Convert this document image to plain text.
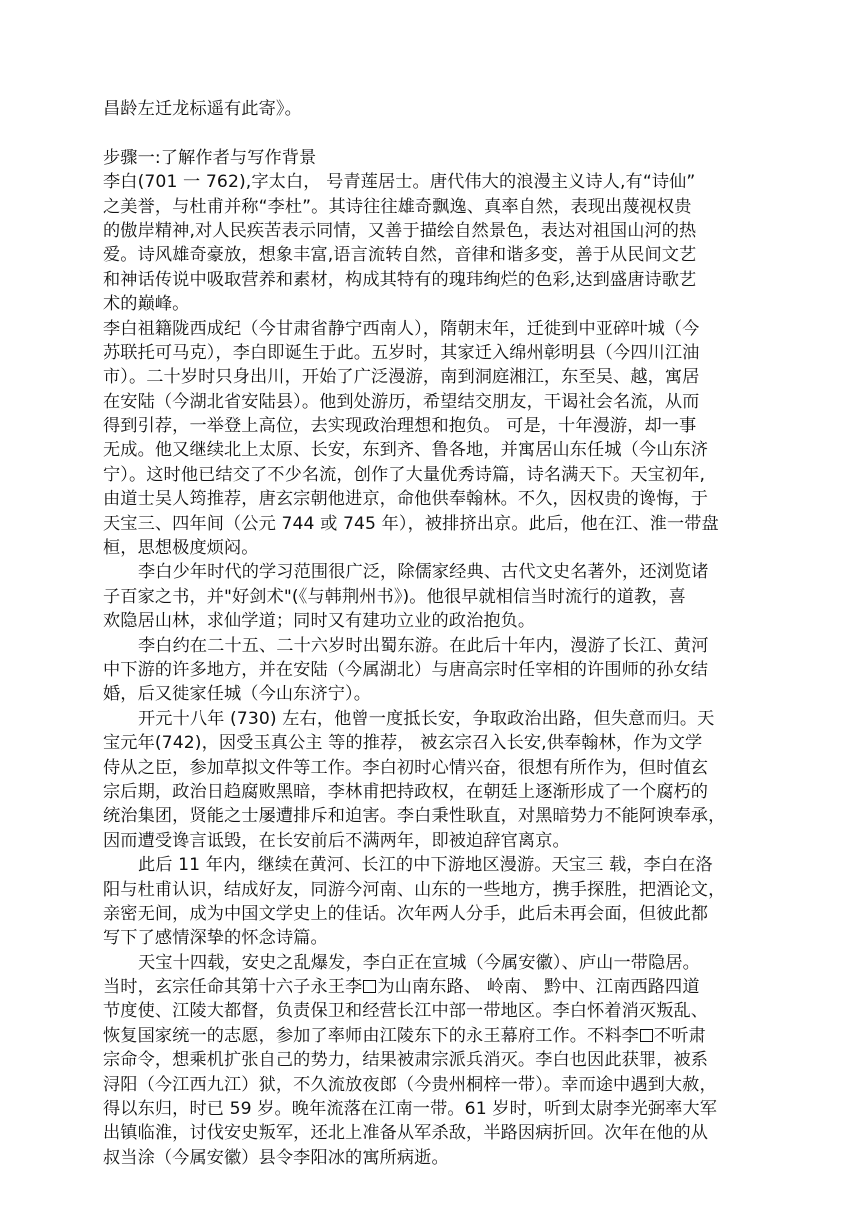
昌龄左迁龙标遥有此寄》。
步骤一:了解作者与写作背景
李白(701 一 762),字太白， 号青莲居士。唐代伟大的浪漫主义诗人,有“诗仙”
之美誉，与杜甫并称“李杜”。其诗往往雄奇飘逸、真率自然，表现出蔑视权贵
的傲岸精神,对人民疾苦表示同情，又善于描绘自然景色，表达对祖国山河的热
爱。诗风雄奇豪放，想象丰富,语言流转自然，音律和谐多变，善于从民间文艺
和神话传说中吸取营养和素材，构成其特有的瑰玮绚烂的色彩,达到盛唐诗歌艺
术的巅峰。
李白祖籍陇西成纪（今甘肃省静宁西南人），隋朝末年，迁徙到中亚碎叶城（今
苏联托可马克），李白即诞生于此。五岁时，其家迁入绵州彰明县（今四川江油
市）。二十岁时只身出川，开始了广泛漫游，南到洞庭湘江，东至吴、越，寓居
在安陆（今湖北省安陆县）。他到处游历，希望结交朋友，干谒社会名流，从而
得到引荐，一举登上高位，去实现政治理想和抱负。 可是，十年漫游，却一事
无成。他又继续北上太原、长安，东到齐、鲁各地，并寓居山东任城（今山东济
宁）。这时他已结交了不少名流，创作了大量优秀诗篇，诗名满天下。天宝初年,
由道士吴人筠推荐，唐玄宗朝他进京，命他供奉翰林。不久，因权贵的谗悔，于
天宝三、四年间（公元 744 或 745 年），被排挤出京。此后，他在江、淮一带盘
桓，思想极度烦闷。
李白少年时代的学习范围很广泛，除儒家经典、古代文史名著外，还浏览诸
子百家之书，并"好剑术"(《与韩荆州书》)。他很早就相信当时流行的道教，喜
欢隐居山林，求仙学道；同时又有建功立业的政治抱负。
李白约在二十五、二十六岁时出蜀东游。在此后十年内，漫游了长江、黄河
中下游的许多地方，并在安陆（今属湖北）与唐高宗时任宰相的许围师的孙女结
婚，后又徙家任城（今山东济宁）。
开元十八年 (730) 左右，他曾一度抵长安，争取政治出路，但失意而归。天
宝元年(742)，因受玉真公主 等的推荐， 被玄宗召入长安,供奉翰林，作为文学
侍从之臣，参加草拟文件等工作。李白初时心情兴奋，很想有所作为，但时值玄
宗后期，政治日趋腐败黑暗，李林甫把持政权，在朝廷上逐渐形成了一个腐朽的
统治集团，贤能之士屡遭排斥和迫害。李白秉性耿直，对黑暗势力不能阿谀奉承，
因而遭受谗言诋毁，在长安前后不满两年，即被迫辞官离京。
此后 11 年内，继续在黄河、长江的中下游地区漫游。天宝三 载，李白在洛
阳与杜甫认识，结成好友，同游今河南、山东的一些地方，携手探胜，把酒论文，
亲密无间，成为中国文学史上的佳话。次年两人分手，此后未再会面，但彼此都
写下了感情深挚的怀念诗篇。
天宝十四载，安史之乱爆发，李白正在宣城（今属安徽）、庐山一带隐居。
当时，玄宗任命其第十六子永王李 为山南东路、 岭南、 黔中、江南西路四道
节度使、江陵大都督，负责保卫和经营长江中部一带地区。李白怀着消灭叛乱、
恢复国家统一的志愿，参加了率师由江陵东下的永王幕府工作。不料李 不听肃
宗命令，想乘机扩张自己的势力，结果被肃宗派兵消灭。李白也因此获罪，被系
浔阳（今江西九江）狱，不久流放夜郎（今贵州桐梓一带）。幸而途中遇到大赦，
得以东归，时已 59 岁。晚年流落在江南一带。61 岁时，听到太尉李光弼率大军
出镇临淮，讨伐安史叛军，还北上准备从军杀敌，半路因病折回。次年在他的从
叔当涂（今属安徽）县令李阳冰的寓所病逝。
